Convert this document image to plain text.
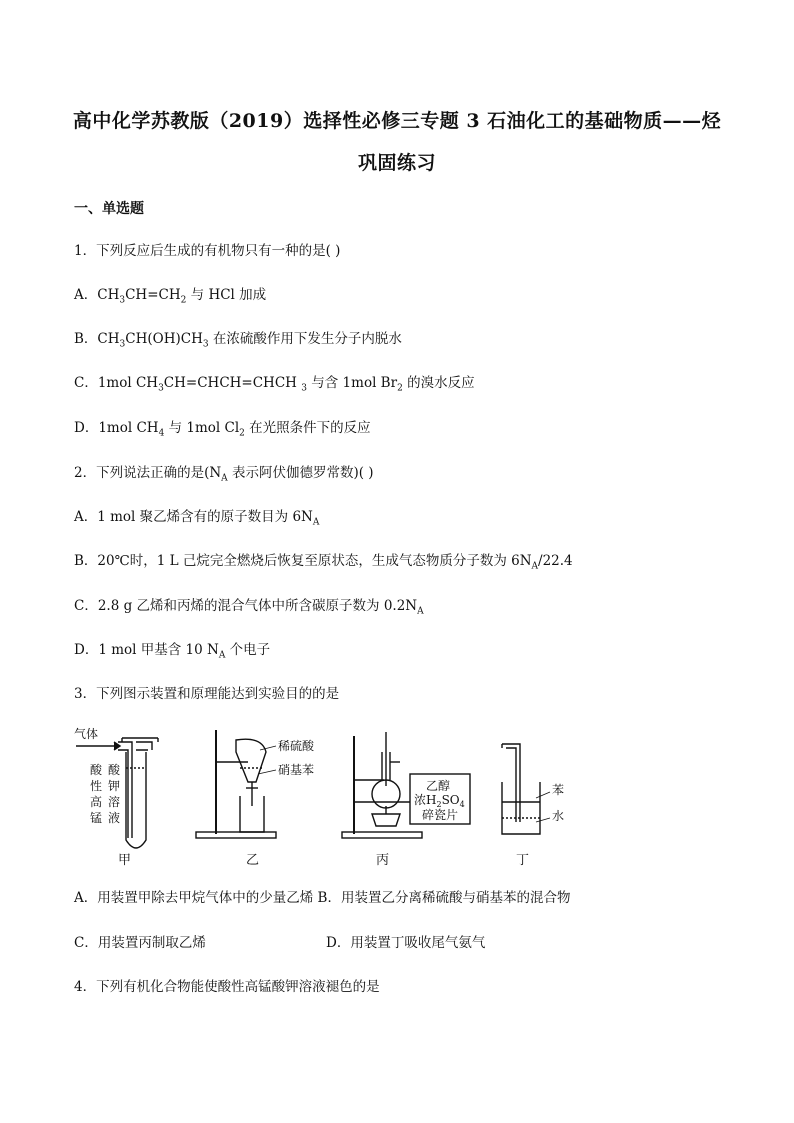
高中化学苏教版（2019）选择性必修三专题 3 石油化工的基础物质——烃
巩固练习
一、单选题
1．下列反应后生成的有机物只有一种的是( )
A．$CH_3CH=CH_2$ 与 HCl 加成
B．$CH_3CH(OH)CH_3$ 在浓硫酸作用下发生分子内脱水
C．1mol $CH_3CH=CHCH=CHCH$ $_3$ 与含 1mol $Br_2$ 的溴水反应
D．1mol $CH_4$ 与 1mol $Cl_2$ 在光照条件下的反应
2．下列说法正确的是($N_A$ 表示阿伏伽德罗常数)( )
A．1 mol 聚乙烯含有的原子数目为 $6N_A$
B．20℃时，1 L 己烷完全燃烧后恢复至原状态，生成气态物质分子数为 $6N_A/22.4$
C．2.8 g 乙烯和丙烯的混合气体中所含碳原子数为 $0.2N_A$
D．1 mol 甲基含 10 $N_A$ 个电子
3．下列图示装置和原理能达到实验目的的是
气体
酸
性
高
锰
酸
钾
溶
液
稀硫酸
硝基苯
乙醇
浓$H_2SO_4$
碎瓷片
苯
水
甲	乙	丙	丁
A．用装置甲除去甲烷气体中的少量乙烯 B．用装置乙分离稀硫酸与硝基苯的混合物
C．用装置丙制取乙烯	D．用装置丁吸收尾气氨气
4．下列有机化合物能使酸性高锰酸钾溶液褪色的是
